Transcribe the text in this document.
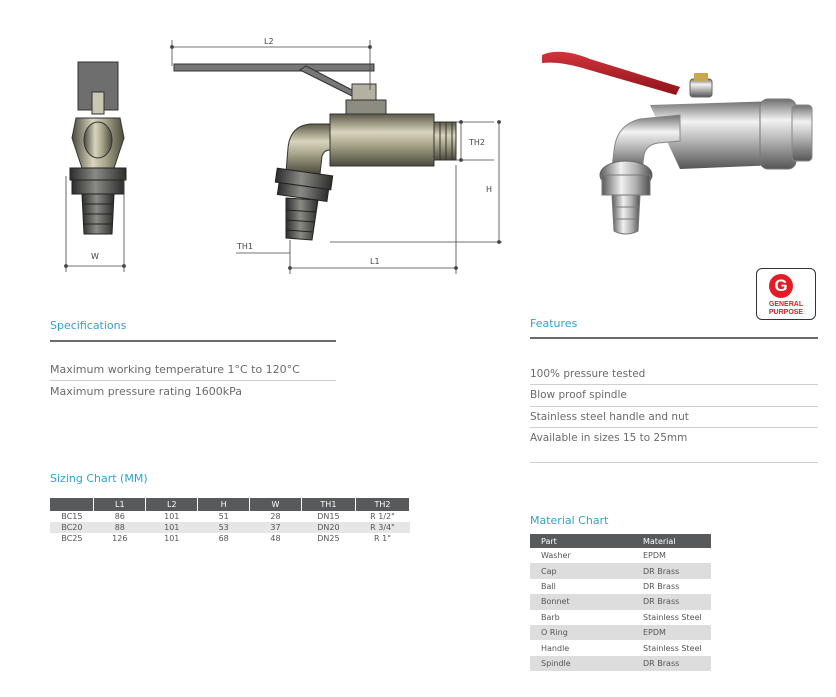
W
L2
TH2
H
TH1
L1
G
GENERAL
PURPOSE
Specifications
Maximum working temperature 1°C to 120°C
Maximum pressure rating 1600kPa
Features
100% pressure tested
Blow proof spindle
Stainless steel handle and nut
Available in sizes 15 to 25mm
Sizing Chart (MM)
	L1	L2	H	W	TH1	TH2
BC15	86	101	51	28	DN15	R 1/2"
BC20	88	101	53	37	DN20	R 3/4"
BC25	126	101	68	48	DN25	R 1"
Material Chart
Part	Material
Washer	EPDM
Cap	DR Brass
Ball	DR Brass
Bonnet	DR Brass
Barb	Stainless Steel
O Ring	EPDM
Handle	Stainless Steel
Spindle	DR Brass
